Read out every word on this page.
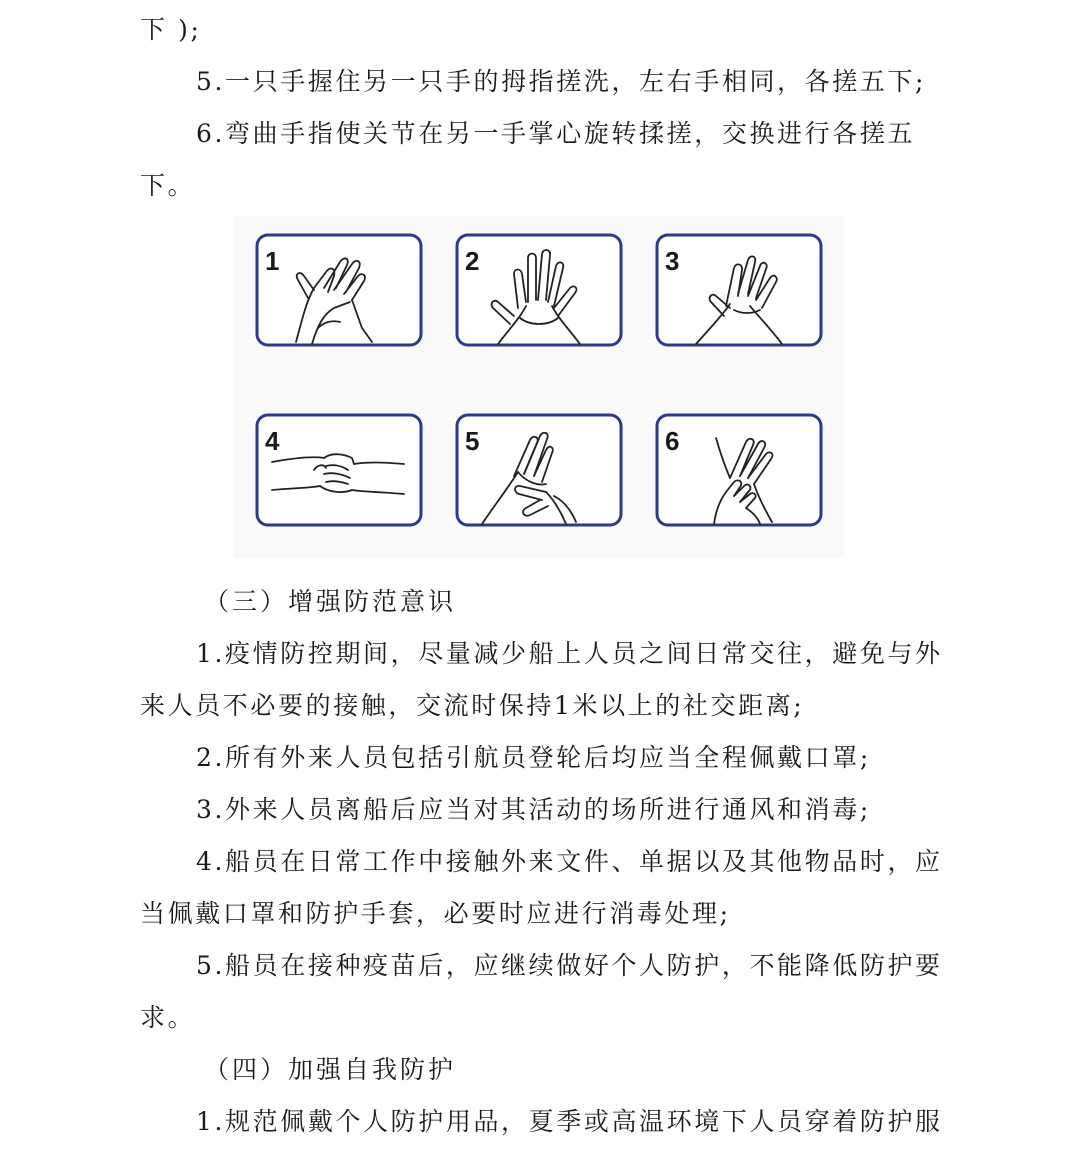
下 );
5.一只手握住另一只手的拇指搓洗，左右手相同，各搓五下;
6.弯曲手指使关节在另一手掌心旋转揉搓，交换进行各搓五
下。
1	2	3
4	5	6
（三）增强防范意识
1.疫情防控期间，尽量减少船上人员之间日常交往，避免与外
来人员不必要的接触，交流时保持1米以上的社交距离;
2.所有外来人员包括引航员登轮后均应当全程佩戴口罩;
3.外来人员离船后应当对其活动的场所进行通风和消毒;
4.船员在日常工作中接触外来文件、单据以及其他物品时，应
当佩戴口罩和防护手套，必要时应进行消毒处理;
5.船员在接种疫苗后，应继续做好个人防护，不能降低防护要
求。
（四）加强自我防护
1.规范佩戴个人防护用品，夏季或高温环境下人员穿着防护服
